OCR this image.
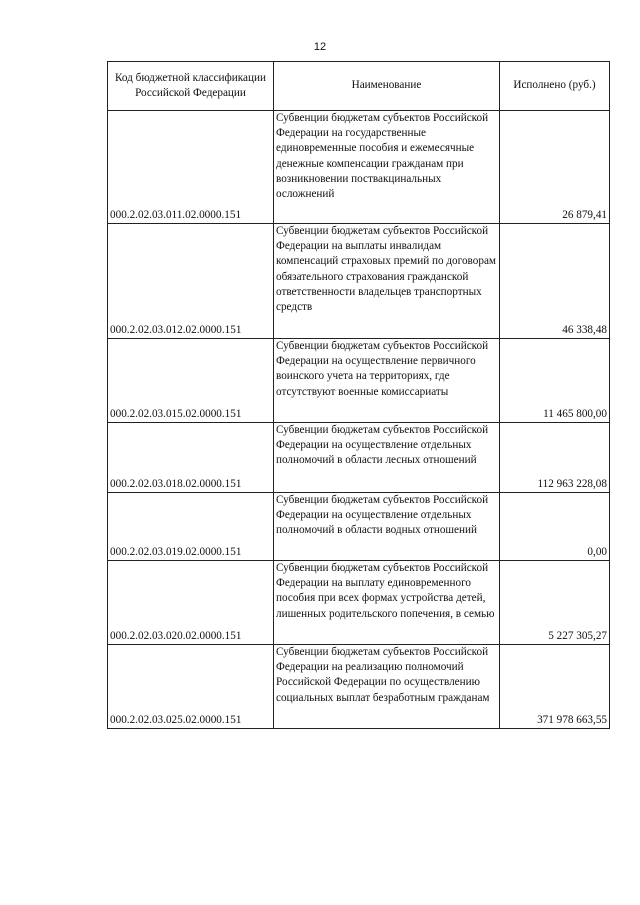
12
Код бюджетной классификации Российской Федерации	Наименование	Исполнено (руб.)
000.2.02.03.011.02.0000.151	Субвенции бюджетам субъектов Российской Федерации на государственные единовременные пособия и ежемесячные денежные компенсации гражданам при возникновении поствакцинальных осложнений	26 879,41
000.2.02.03.012.02.0000.151	Субвенции бюджетам субъектов Российской Федерации на выплаты инвалидам компенсаций страховых премий по договорам обязательного страхования гражданской ответственности владельцев транспортных средств	46 338,48
000.2.02.03.015.02.0000.151	Субвенции бюджетам субъектов Российской Федерации на осуществление первичного воинского учета на территориях, где отсутствуют военные комиссариаты	11 465 800,00
000.2.02.03.018.02.0000.151	Субвенции бюджетам субъектов Российской Федерации на осуществление отдельных полномочий в области лесных отношений	112 963 228,08
000.2.02.03.019.02.0000.151	Субвенции бюджетам субъектов Российской Федерации на осуществление отдельных полномочий в области водных отношений	0,00
000.2.02.03.020.02.0000.151	Субвенции бюджетам субъектов Российской Федерации на выплату единовременного пособия при всех формах устройства детей, лишенных родительского попечения, в семью	5 227 305,27
000.2.02.03.025.02.0000.151	Субвенции бюджетам субъектов Российской Федерации на реализацию полномочий Российской Федерации по осуществлению социальных выплат безработным гражданам	371 978 663,55
